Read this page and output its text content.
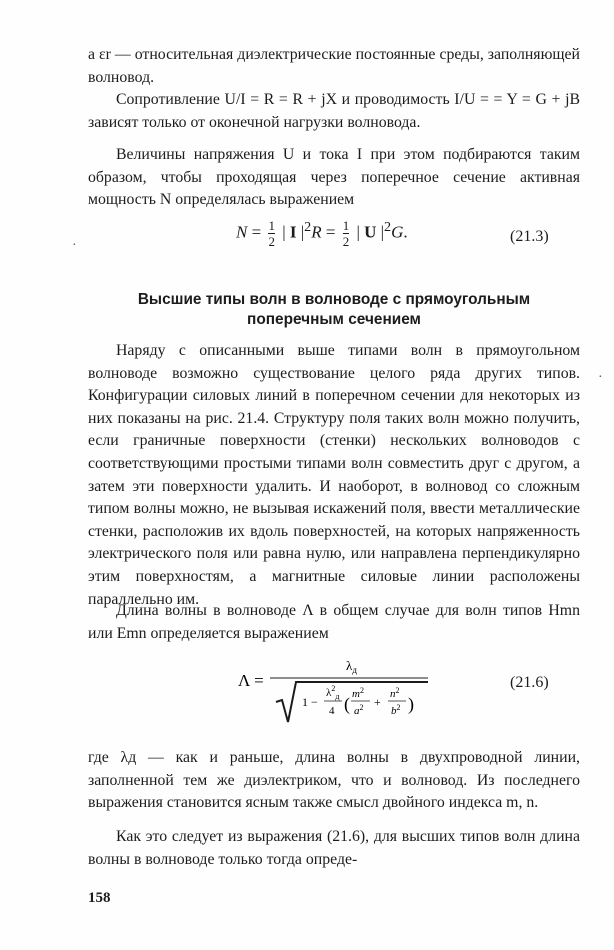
а εr — относительная диэлектрические постоянные среды, заполняющей волновод.
Сопротивление U/I = R = R + jX и проводимость I/U = = Y = G + jB зависят только от оконечной нагрузки волновода.
Величины напряжения U и тока I при этом подбираются таким образом, чтобы проходящая через поперечное сечение активная мощность N определялась выражением
$N = \frac{1}{2}$ | I $|^2R = \frac{1}{2}$ | U $|^2G$.	(21.3)
Высшие типы волн в волноводе с прямоугольным поперечным сечением
Наряду с описанными выше типами волн в прямоугольном волноводе возможно существование целого ряда других типов. Конфигурации силовых линий в поперечном сечении для некоторых из них показаны на рис. 21.4. Структуру поля таких волн можно получить, если граничные поверхности (стенки) нескольких волноводов с соответствующими простыми типами волн совместить друг с другом, а затем эти поверхности удалить. И наоборот, в волновод со сложным типом волны можно, не вызывая искажений поля, ввести металлические стенки, расположив их вдоль поверхностей, на которых напряженность электрического поля или равна нулю, или направлена перпендикулярно этим поверхностям, а магнитные силовые линии расположены параллельно им.
Длина волны в волноводе Λ в общем случае для волн типов Hmn или Emn определяется выражением
Λ =
$\lambda_д$
1 −
$\lambda^2_д$
4 ( $m^2$
$a^2$ +
$n^2$
$b^2$ )
(21.6)
где λд — как и раньше, длина волны в двухпроводной линии, заполненной тем же диэлектриком, что и волновод. Из последнего выражения становится ясным также смысл двойного индекса m, n.
Как это следует из выражения (21.6), для высших типов волн длина волны в волноводе только тогда опреде-
158
·
·
